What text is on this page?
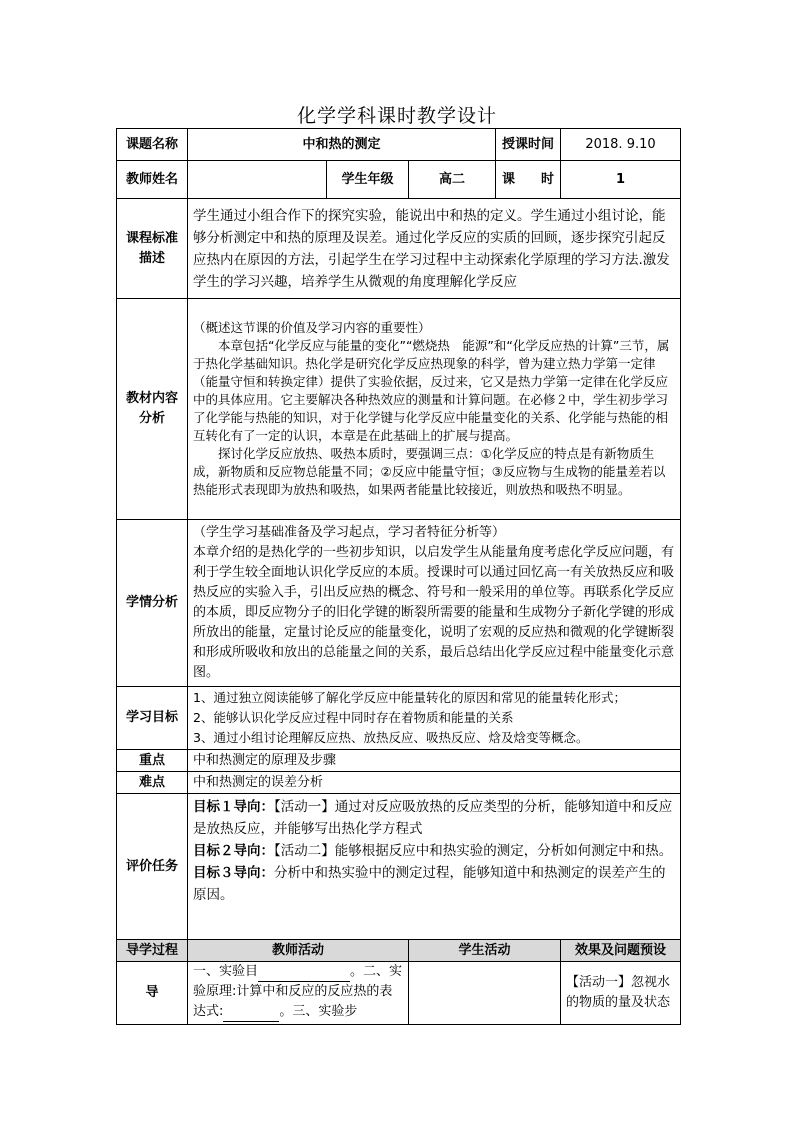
化学学科课时教学设计
课题名称	中和热的测定			授课时间	2018. 9.10
教师姓名		学生年级	高二	课　　时	1
课程标准描述	学生通过小组合作下的探究实验，能说出中和热的定义。学生通过小组讨论，能够分析测定中和热的原理及误差。通过化学反应的实质的回顾，逐步探究引起反应热内在原因的方法，引起学生在学习过程中主动探索化学原理的学习方法.激发学生的学习兴趣，培养学生从微观的角度理解化学反应				
教材内容分析	（概述这节课的价值及学习内容的重要性）

本章包括“化学反应与能量的变化”“燃烧热　能源”和“化学反应热的计算”三节，属于热化学基础知识。热化学是研究化学反应热现象的科学，曾为建立热力学第一定律（能量守恒和转换定律）提供了实验依据，反过来，它又是热力学第一定律在化学反应中的具体应用。它主要解决各种热效应的测量和计算问题。在必修２中，学生初步学习了化学能与热能的知识，对于化学键与化学反应中能量变化的关系、化学能与热能的相互转化有了一定的认识，本章是在此基础上的扩展与提高。

探讨化学反应放热、吸热本质时，要强调三点：①化学反应的特点是有新物质生成，新物质和反应物总能量不同；②反应中能量守恒；③反应物与生成物的能量差若以热能形式表现即为放热和吸热，如果两者能量比较接近，则放热和吸热不明显。				

学情分析	（学生学习基础准备及学习起点，学习者特征分析等）

本章介绍的是热化学的一些初步知识，以启发学生从能量角度考虑化学反应问题，有利于学生较全面地认识化学反应的本质。授课时可以通过回忆高一有关放热反应和吸热反应的实验入手，引出反应热的概念、符号和一般采用的单位等。再联系化学反应的本质，即反应物分子的旧化学键的断裂所需要的能量和生成物分子新化学键的形成所放出的能量，定量讨论反应的能量变化，说明了宏观的反应热和微观的化学键断裂和形成所吸收和放出的总能量之间的关系，最后总结出化学反应过程中能量变化示意图。				

学习目标	1、通过独立阅读能够了解化学反应中能量转化的原因和常见的能量转化形式；

2、能够认识化学反应过程中同时存在着物质和能量的关系

3、通过小组讨论理解反应热、放热反应、吸热反应、焓及焓变等概念。				

重点	中和热测定的原理及步骤				
难点	中和热测定的误差分析				
评价任务	目标１导向：【活动一】通过对反应吸放热的反应类型的分析，能够知道中和反应是放热反应，并能够写出热化学方程式

目标２导向：【活动二】能够根据反应中和热实验的测定，分析如何测定中和热。

目标３导向：分析中和热实验中的测定过程，能够知道中和热测定的误差产生的原因。				

导学过程	教师活动		学生活动		效果及问题预设
导	一、实验目 。二、实验原理:计算中和反应的反应热的表达式: 。三、实验步				【活动一】忽视水的物质的量及状态
